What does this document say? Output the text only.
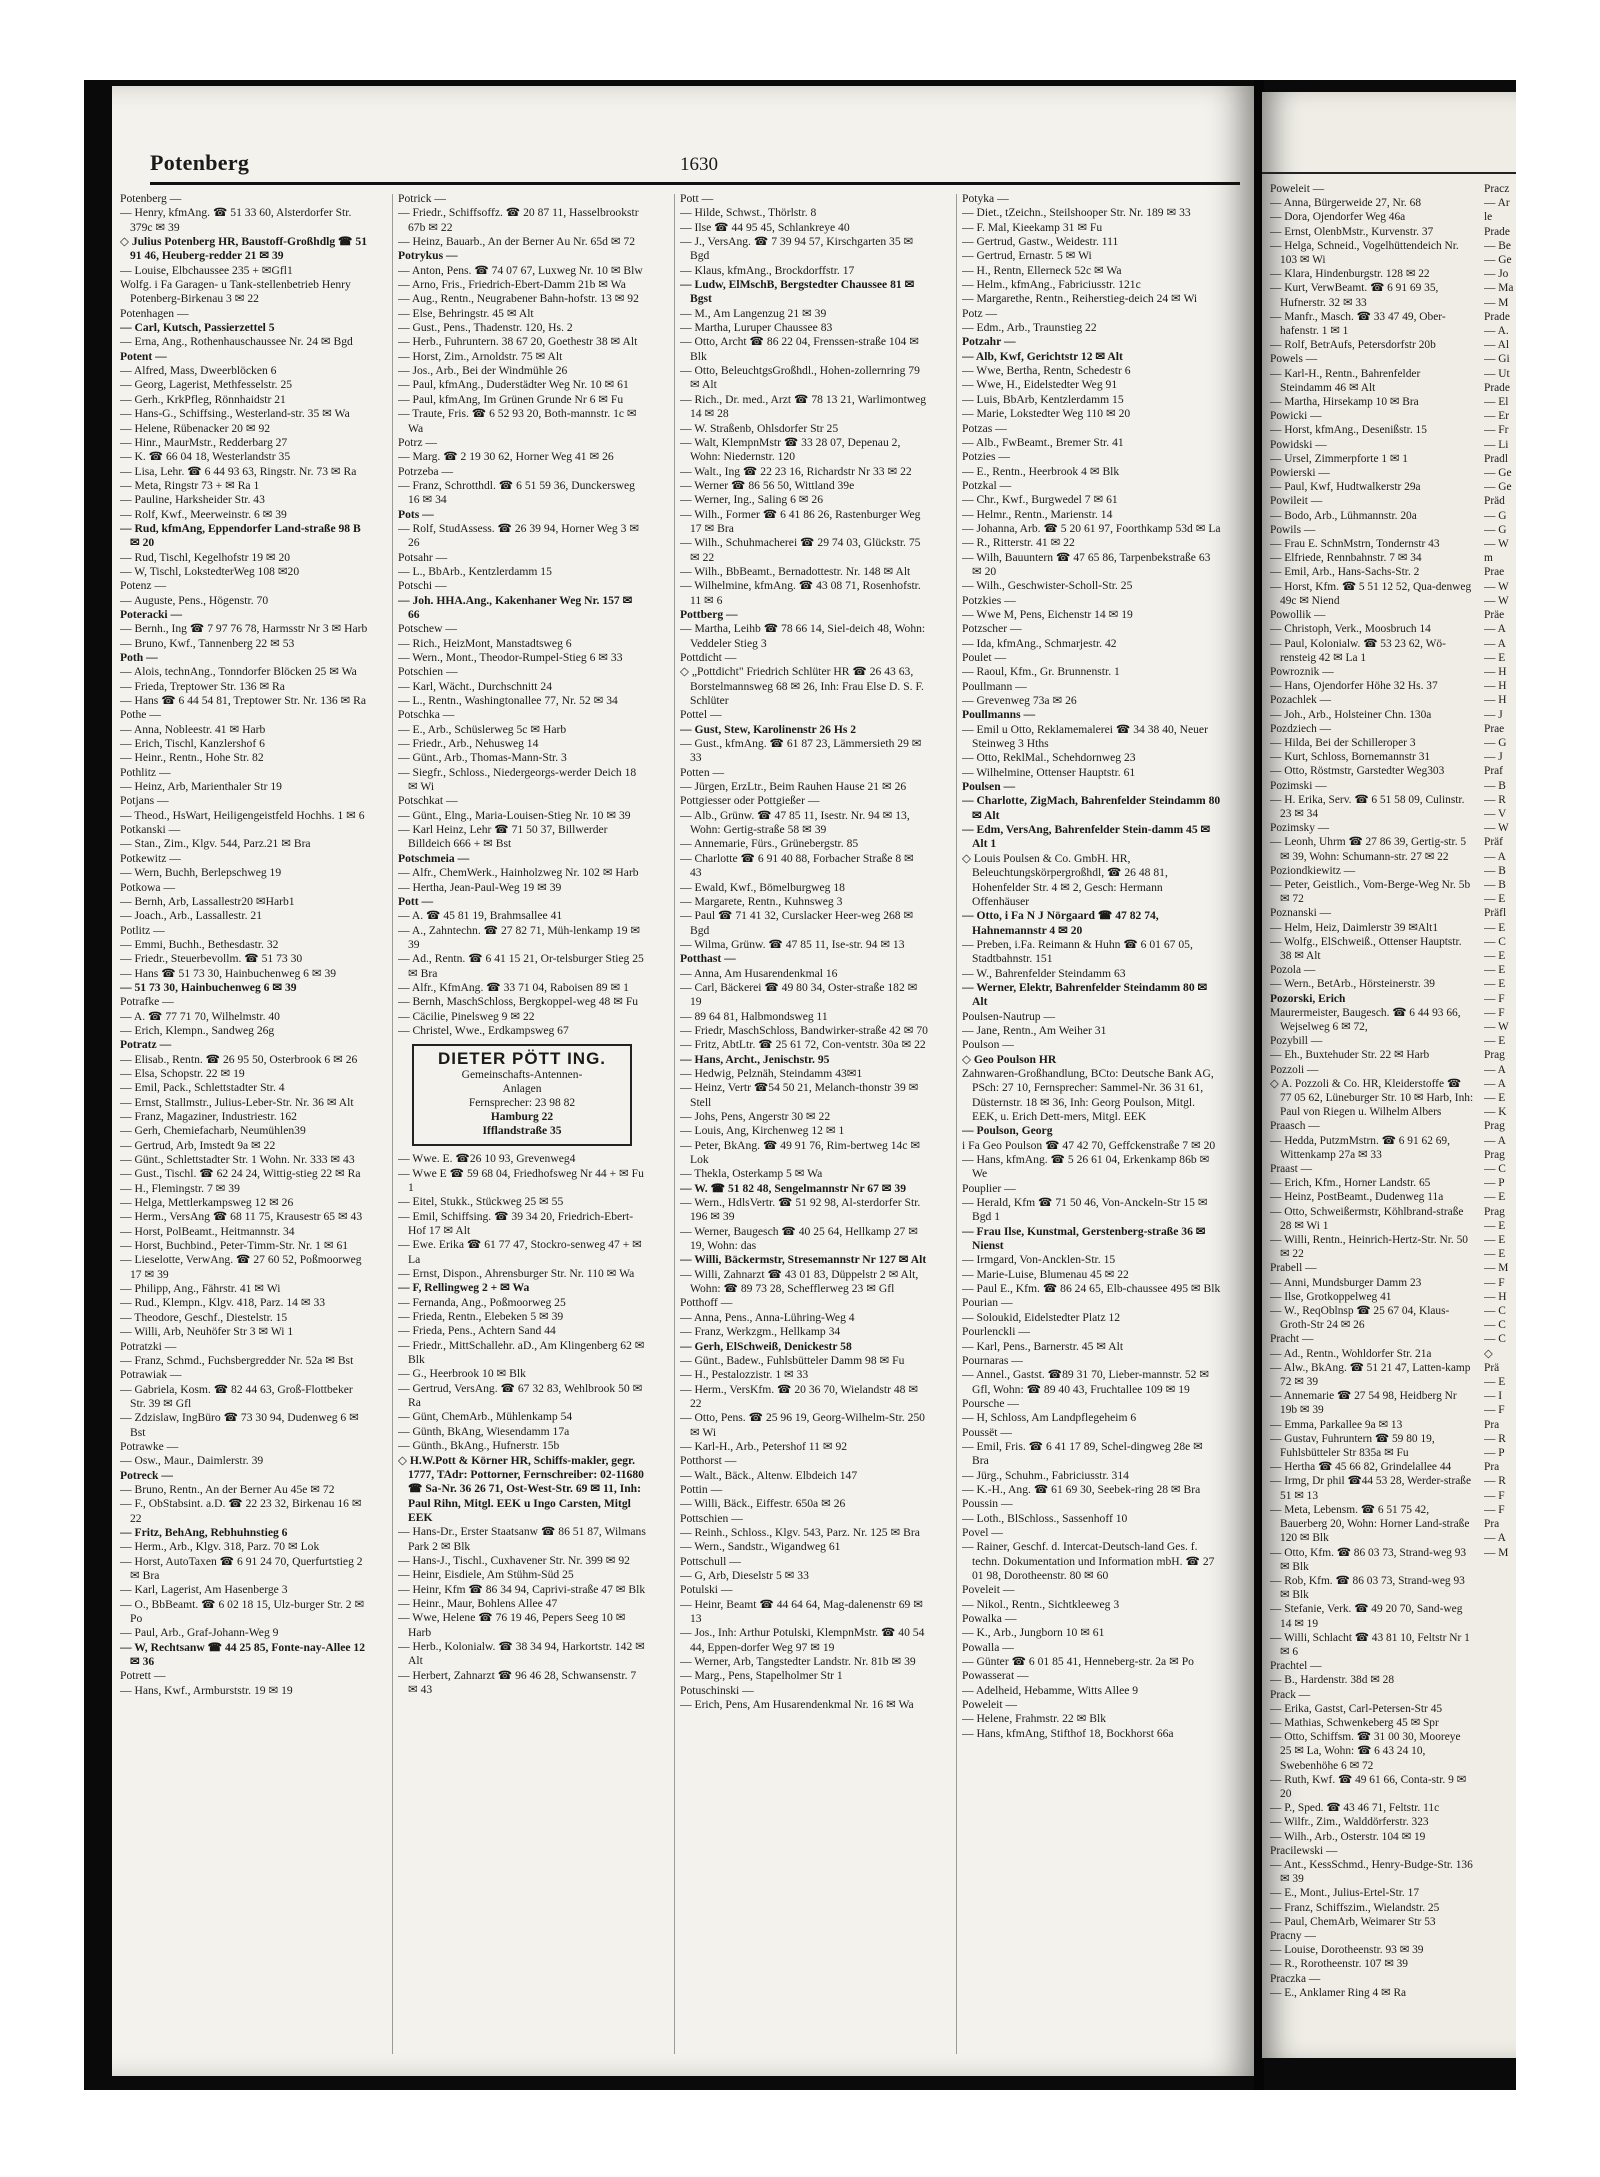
Potenberg	1630

Potenberg —

— Henry, kfmAng. ☎ 51 33 60, Alsterdorfer Str. 379c ✉ 39

◇ Julius Potenberg HR, Baustoff-Großhdlg ☎ 51 91 46, Heuberg-redder 21 ✉ 39

— Louise, Elbchaussee 235 + ✉Gfl1

Wolfg. i Fa Garagen- u Tank-stellenbetrieb Henry Potenberg-Birkenau 3 ✉ 22

Potenhagen —

— Carl, Kutsch, Passierzettel 5

— Erna, Ang., Rothenhauschaussee Nr. 24 ✉ Bgd

Potent —

— Alfred, Mass, Dweerblöcken 6

— Georg, Lagerist, Methfesselstr. 25

— Gerh., KrkPfleg, Rönnhaidstr 21

— Hans-G., Schiffsing., Westerland-str. 35 ✉ Wa

— Helene, Rübenacker 20 ✉ 92

— Hinr., MaurMstr., Redderbarg 27

— K. ☎ 66 04 18, Westerlandstr 35

— Lisa, Lehr. ☎ 6 44 93 63, Ringstr. Nr. 73 ✉ Ra

— Meta, Ringstr 73 + ✉ Ra 1

— Pauline, Harksheider Str. 43

— Rolf, Kwf., Meerweinstr. 6 ✉ 39

— Rud, kfmAng, Eppendorfer Land-straße 98 B ✉ 20

— Rud, Tischl, Kegelhofstr 19 ✉ 20

— W, Tischl, LokstedterWeg 108 ✉20

Potenz —

— Auguste, Pens., Högenstr. 70

Poteracki —

— Bernh., Ing ☎ 7 97 76 78, Harmsstr Nr 3 ✉ Harb

— Bruno, Kwf., Tannenberg 22 ✉ 53

Poth —

— Alois, technAng., Tonndorfer Blöcken 25 ✉ Wa

— Frieda, Treptower Str. 136 ✉ Ra

— Hans ☎ 6 44 54 81, Treptower Str. Nr. 136 ✉ Ra

Pothe —

— Anna, Nobleestr. 41 ✉ Harb

— Erich, Tischl, Kanzlershof 6

— Heinr., Rentn., Hohe Str. 82

Pothlitz —

— Heinz, Arb, Marienthaler Str 19

Potjans —

— Theod., HsWart, Heiligengeistfeld Hochhs. 1 ✉ 6

Potkanski —

— Stan., Zim., Klgv. 544, Parz.21 ✉ Bra

Potkewitz —

— Wern, Buchh, Berlepschweg 19

Potkowa —

— Bernh, Arb, Lassallestr20 ✉Harb1

— Joach., Arb., Lassallestr. 21

Potlitz —

— Emmi, Buchh., Bethesdastr. 32

— Friedr., Steuerbevollm. ☎ 51 73 30

— Hans ☎ 51 73 30, Hainbuchenweg 6 ✉ 39

— 51 73 30, Hainbuchenweg 6 ✉ 39

Potrafke —

— A. ☎ 77 71 70, Wilhelmstr. 40

— Erich, Klempn., Sandweg 26g

Potratz —

— Elisab., Rentn. ☎ 26 95 50, Osterbrook 6 ✉ 26

— Elsa, Schopstr. 22 ✉ 19

— Emil, Pack., Schlettstadter Str. 4

— Ernst, Stallmstr., Julius-Leber-Str. Nr. 36 ✉ Alt

— Franz, Magaziner, Industriestr. 162

— Gerh, Chemiefacharb, Neumühlen39

— Gertrud, Arb, Imstedt 9a ✉ 22

— Günt., Schlettstadter Str. 1 Wohn. Nr. 333 ✉ 43

— Gust., Tischl. ☎ 62 24 24, Wittig-stieg 22 ✉ Ra

— H., Flemingstr. 7 ✉ 39

— Helga, Mettlerkampsweg 12 ✉ 26

— Herm., VersAng ☎ 68 11 75, Krausestr 65 ✉ 43

— Horst, PolBeamt., Heitmannstr. 34

— Horst, Buchbind., Peter-Timm-Str. Nr. 1 ✉ 61

— Lieselotte, VerwAng. ☎ 27 60 52, Poßmoorweg 17 ✉ 39

— Philipp, Ang., Fährstr. 41 ✉ Wi

— Rud., Klempn., Klgv. 418, Parz. 14 ✉ 33

— Theodore, Geschf., Diestelstr. 15

— Willi, Arb, Neuhöfer Str 3 ✉ Wi 1

Potratzki —

— Franz, Schmd., Fuchsbergredder Nr. 52a ✉ Bst

Potrawiak —

— Gabriela, Kosm. ☎ 82 44 63, Groß-Flottbeker Str. 39 ✉ Gfl

— Zdzislaw, IngBüro ☎ 73 30 94, Dudenweg 6 ✉ Bst

Potrawke —

— Osw., Maur., Daimlerstr. 39

Potreck —

— Bruno, Rentn., An der Berner Au 45e ✉ 72

— F., ObStabsint. a.D. ☎ 22 23 32, Birkenau 16 ✉ 22

— Fritz, BehAng, Rebhuhnstieg 6

— Herm., Arb., Klgv. 318, Parz. 70 ✉ Lok

— Horst, AutoTaxen ☎ 6 91 24 70, Querfurtstieg 2 ✉ Bra

— Karl, Lagerist, Am Hasenberge 3

— O., BbBeamt. ☎ 6 02 18 15, Ulz-burger Str. 2 ✉ Po

— Paul, Arb., Graf-Johann-Weg 9

— W, Rechtsanw ☎ 44 25 85, Fonte-nay-Allee 12 ✉ 36

Potrett —

— Hans, Kwf., Armburststr. 19 ✉ 19

Potrick —

— Friedr., Schiffsoffz. ☎ 20 87 11, Hasselbrookstr 67b ✉ 22

— Heinz, Bauarb., An der Berner Au Nr. 65d ✉ 72

Potrykus —

— Anton, Pens. ☎ 74 07 67, Luxweg Nr. 10 ✉ Blw

— Arno, Fris., Friedrich-Ebert-Damm 21b ✉ Wa

— Aug., Rentn., Neugrabener Bahn-hofstr. 13 ✉ 92

— Else, Behringstr. 45 ✉ Alt

— Gust., Pens., Thadenstr. 120, Hs. 2

— Herb., Fuhruntern. 38 67 20, Goethestr 38 ✉ Alt

— Horst, Zim., Arnoldstr. 75 ✉ Alt

— Jos., Arb., Bei der Windmühle 26

— Paul, kfmAng., Duderstädter Weg Nr. 10 ✉ 61

— Paul, kfmAng, Im Grünen Grunde Nr 6 ✉ Fu

— Traute, Fris. ☎ 6 52 93 20, Both-mannstr. 1c ✉ Wa

Potrz —

— Marg. ☎ 2 19 30 62, Horner Weg 41 ✉ 26

Potrzeba —

— Franz, Schrotthdl. ☎ 6 51 59 36, Dunckersweg 16 ✉ 34

Pots —

— Rolf, StudAssess. ☎ 26 39 94, Horner Weg 3 ✉ 26

Potsahr —

— L., BbArb., Kentzlerdamm 15

Potschi —

— Joh. HHA.Ang., Kakenhaner Weg Nr. 157 ✉ 66

Potschew —

— Rich., HeizMont, Manstadtsweg 6

— Wern., Mont., Theodor-Rumpel-Stieg 6 ✉ 33

Potschien —

— Karl, Wächt., Durchschnitt 24

— L., Rentn., Washingtonallee 77, Nr. 52 ✉ 34

Potschka —

— E., Arb., Schüslerweg 5c ✉ Harb

— Friedr., Arb., Nehusweg 14

— Günt., Arb., Thomas-Mann-Str. 3

— Siegfr., Schloss., Niedergeorgs-werder Deich 18 ✉ Wi

Potschkat —

— Günt., Elng., Maria-Louisen-Stieg Nr. 10 ✉ 39

— Karl Heinz, Lehr ☎ 71 50 37, Billwerder Billdeich 666 + ✉ Bst

Potschmeia —

— Alfr., ChemWerk., Hainholzweg Nr. 102 ✉ Harb

— Hertha, Jean-Paul-Weg 19 ✉ 39

Pott —

— A. ☎ 45 81 19, Brahmsallee 41

— A., Zahntechn. ☎ 27 82 71, Müh-lenkamp 19 ✉ 39

— Ad., Rentn. ☎ 6 41 15 21, Or-telsburger Stieg 25 ✉ Bra

— Alfr., KfmAng. ☎ 33 71 04, Raboisen 89 ✉ 1

— Bernh, MaschSchloss, Bergkoppel-weg 48 ✉ Fu

— Cäcilie, Pinelsweg 9 ✉ 22

— Christel, Wwe., Erdkampsweg 67

DIETER PÖTT ING.
Gemeinschafts-Antennen-
Anlagen
Fernsprecher: 23 98 82

Hamburg 22
Ifflandstraße 35

— Wwe. E. ☎26 10 93, Grevenweg4

— Wwe E ☎ 59 68 04, Friedhofsweg Nr 44 + ✉ Fu 1

— Eitel, Stukk., Stückweg 25 ✉ 55

— Emil, Schiffsing. ☎ 39 34 20, Friedrich-Ebert-Hof 17 ✉ Alt

— Ewe. Erika ☎ 61 77 47, Stockro-senweg 47 + ✉ La

— Ernst, Dispon., Ahrensburger Str. Nr. 110 ✉ Wa

— F, Rellingweg 2 + ✉ Wa

— Fernanda, Ang., Poßmoorweg 25

— Frieda, Rentn., Elebeken 5 ✉ 39

— Frieda, Pens., Achtern Sand 44

— Friedr., MittSchallehr. aD., Am Klingenberg 62 ✉ Blk

— G., Heerbrook 10 ✉ Blk

— Gertrud, VersAng. ☎ 67 32 83, Wehlbrook 50 ✉ Ra

— Günt, ChemArb., Mühlenkamp 54

— Günth, BkAng, Wiesendamm 17a

— Günth., BkAng., Hufnerstr. 15b

◇ H.W.Pott & Körner HR, Schiffs-makler, gegr. 1777, TAdr: Pottorner, Fernschreiber: 02-11680 ☎ Sa-Nr. 36 26 71, Ost-West-Str. 69 ✉ 11, Inh: Paul Rihn, Mitgl. EEK u Ingo Carsten, Mitgl EEK

— Hans-Dr., Erster Staatsanw ☎ 86 51 87, Wilmans Park 2 ✉ Blk

— Hans-J., Tischl., Cuxhavener Str. Nr. 399 ✉ 92

— Heinr, Eisdiele, Am Stühm-Süd 25

— Heinr, Kfm ☎ 86 34 94, Caprivi-straße 47 ✉ Blk

— Heinr., Maur, Bohlens Allee 47

— Wwe, Helene ☎ 76 19 46, Pepers Seeg 10 ✉ Harb

— Herb., Kolonialw. ☎ 38 34 94, Harkortstr. 142 ✉ Alt

— Herbert, Zahnarzt ☎ 96 46 28, Schwansenstr. 7 ✉ 43

Pott —

— Hilde, Schwst., Thörlstr. 8

— Ilse ☎ 44 95 45, Schlankreye 40

— J., VersAng. ☎ 7 39 94 57, Kirschgarten 35 ✉ Bgd

— Klaus, kfmAng., Brockdorffstr. 17

— Ludw, ElMschB, Bergstedter Chaussee 81 ✉ Bgst

— M., Am Langenzug 21 ✉ 39

— Martha, Luruper Chaussee 83

— Otto, Archt ☎ 86 22 04, Frenssen-straße 104 ✉ Blk

— Otto, BeleuchtgsGroßhdl., Hohen-zollernring 79 ✉ Alt

— Rich., Dr. med., Arzt ☎ 78 13 21, Warlimontweg 14 ✉ 28

— W. Straßenb, Ohlsdorfer Str 25

— Walt, KlempnMstr ☎ 33 28 07, Depenau 2, Wohn: Niedernstr. 120

— Walt., Ing ☎ 22 23 16, Richardstr Nr 33 ✉ 22

— Werner ☎ 86 56 50, Wittland 39e

— Werner, Ing., Saling 6 ✉ 26

— Wilh., Former ☎ 6 41 86 26, Rastenburger Weg 17 ✉ Bra

— Wilh., Schuhmacherei ☎ 29 74 03, Glückstr. 75 ✉ 22

— Wilh., BbBeamt., Bernadottestr. Nr. 148 ✉ Alt

— Wilhelmine, kfmAng. ☎ 43 08 71, Rosenhofstr. 11 ✉ 6

Pottberg —

— Martha, Leihb ☎ 78 66 14, Siel-deich 48, Wohn: Veddeler Stieg 3

Pottdicht —

◇ „Pottdicht" Friedrich Schlüter HR ☎ 26 43 63, Borstelmannsweg 68 ✉ 26, Inh: Frau Else D. S. F. Schlüter

Pottel —

— Gust, Stew, Karolinenstr 26 Hs 2

— Gust., kfmAng. ☎ 61 87 23, Lämmersieth 29 ✉ 33

Potten —

— Jürgen, ErzLtr., Beim Rauhen Hause 21 ✉ 26

Pottgiesser oder Pottgießer —

— Alb., Grünw. ☎ 47 85 11, Isestr. Nr. 94 ✉ 13, Wohn: Gertig-straße 58 ✉ 39

— Annemarie, Fürs., Grünebergstr. 85

— Charlotte ☎ 6 91 40 88, Forbacher Straße 8 ✉ 43

— Ewald, Kwf., Bömelburgweg 18

— Margarete, Rentn., Kuhnsweg 3

— Paul ☎ 71 41 32, Curslacker Heer-weg 268 ✉ Bgd

— Wilma, Grünw. ☎ 47 85 11, Ise-str. 94 ✉ 13

Potthast —

— Anna, Am Husarendenkmal 16

— Carl, Bäckerei ☎ 49 80 34, Oster-straße 182 ✉ 19

— 89 64 81, Halbmondsweg 11

— Friedr, MaschSchloss, Bandwirker-straße 42 ✉ 70

— Fritz, AbtLtr. ☎ 25 61 72, Con-ventstr. 30a ✉ 22

— Hans, Archt., Jenischstr. 95

— Hedwig, Pelznäh, Steindamm 43✉1

— Heinz, Vertr ☎54 50 21, Melanch-thonstr 39 ✉ Stell

— Johs, Pens, Angerstr 30 ✉ 22

— Louis, Ang, Kirchenweg 12 ✉ 1

— Peter, BkAng. ☎ 49 91 76, Rim-bertweg 14c ✉ Lok

— Thekla, Osterkamp 5 ✉ Wa

— W. ☎ 51 82 48, Sengelmannstr Nr 67 ✉ 39

— Wern., HdlsVertr. ☎ 51 92 98, Al-sterdorfer Str. 196 ✉ 39

— Werner, Baugesch ☎ 40 25 64, Hellkamp 27 ✉ 19, Wohn: das

— Willi, Bäckermstr, Stresemannstr Nr 127 ✉ Alt

— Willi, Zahnarzt ☎ 43 01 83, Düppelstr 2 ✉ Alt, Wohn: ☎ 89 73 28, Schefflerweg 23 ✉ Gfl

Potthoff —

— Anna, Pens., Anna-Lühring-Weg 4

— Franz, Werkzgm., Hellkamp 34

— Gerh, ElSchweiß, Denickestr 58

— Günt., Badew., Fuhlsbütteler Damm 98 ✉ Fu

— H., Pestalozzistr. 1 ✉ 33

— Herm., VersKfm. ☎ 20 36 70, Wielandstr 48 ✉ 22

— Otto, Pens. ☎ 25 96 19, Georg-Wilhelm-Str. 250 ✉ Wi

— Karl-H., Arb., Petershof 11 ✉ 92

Potthorst —

— Walt., Bäck., Altenw. Elbdeich 147

Pottin —

— Willi, Bäck., Eiffestr. 650a ✉ 26

Pottschien —

— Reinh., Schloss., Klgv. 543, Parz. Nr. 125 ✉ Bra

— Wern., Sandstr., Wigandweg 61

Pottschull —

— G, Arb, Dieselstr 5 ✉ 33

Potulski —

— Heinr, Beamt ☎ 44 64 64, Mag-dalenenstr 69 ✉ 13

— Jos., Inh: Arthur Potulski, KlempnMstr. ☎ 40 54 44, Eppen-dorfer Weg 97 ✉ 19

— Werner, Arb, Tangstedter Landstr. Nr. 81b ✉ 39

— Marg., Pens, Stapelholmer Str 1

Potuschinski —

— Erich, Pens, Am Husarendenkmal Nr. 16 ✉ Wa

Potyka —

— Diet., tZeichn., Steilshooper Str. Nr. 189 ✉ 33

— F. Mal, Kieekamp 31 ✉ Fu

— Gertrud, Gastw., Weidestr. 111

— Gertrud, Ernastr. 5 ✉ Wi

— H., Rentn, Ellerneck 52c ✉ Wa

— Helm., kfmAng., Fabriciusstr. 121c

— Margarethe, Rentn., Reiherstieg-deich 24 ✉ Wi

Potz —

— Edm., Arb., Traunstieg 22

Potzahr —

— Alb, Kwf, Gerichtstr 12 ✉ Alt

— Wwe, Bertha, Rentn, Schedestr 6

— Wwe, H., Eidelstedter Weg 91

— Luis, BbArb, Kentzlerdamm 15

— Marie, Lokstedter Weg 110 ✉ 20

Potzas —

— Alb., FwBeamt., Bremer Str. 41

Potzies —

— E., Rentn., Heerbrook 4 ✉ Blk

Potzkal —

— Chr., Kwf., Burgwedel 7 ✉ 61

— Helmr., Rentn., Marienstr. 14

— Johanna, Arb. ☎ 5 20 61 97, Foorthkamp 53d ✉ La

— R., Ritterstr. 41 ✉ 22

— Wilh, Bauuntern ☎ 47 65 86, Tarpenbekstraße 63 ✉ 20

— Wilh., Geschwister-Scholl-Str. 25

Potzkies —

— Wwe M, Pens, Eichenstr 14 ✉ 19

Potzscher —

— Ida, kfmAng., Schmarjestr. 42

Poulet —

— Raoul, Kfm., Gr. Brunnenstr. 1

Poullmann —

— Grevenweg 73a ✉ 26

Poullmanns —

— Emil u Otto, Reklamemalerei ☎ 34 38 40, Neuer Steinweg 3 Hths

— Otto, ReklMal., Schehdornweg 23

— Wilhelmine, Ottenser Hauptstr. 61

Poulsen —

— Charlotte, ZigMach, Bahrenfelder Steindamm 80 ✉ Alt

— Edm, VersAng, Bahrenfelder Stein-damm 45 ✉ Alt 1

◇ Louis Poulsen & Co. GmbH. HR, Beleuchtungskörpergroßhdl, ☎ 26 48 81, Hohenfelder Str. 4 ✉ 2, Gesch: Hermann Offenhäuser

— Otto, i Fa N J Nörgaard ☎ 47 82 74, Hahnemannstr 4 ✉ 20

— Preben, i.Fa. Reimann & Huhn ☎ 6 01 67 05, Stadtbahnstr. 151

— W., Bahrenfelder Steindamm 63

— Werner, Elektr, Bahrenfelder Steindamm 80 ✉ Alt

Poulsen-Nautrup —

— Jane, Rentn., Am Weiher 31

Poulson —

◇ Geo Poulson HR

Zahnwaren-Großhandlung, BCto: Deutsche Bank AG, PSch: 27 10, Fernsprecher: Sammel-Nr. 36 31 61, Düsternstr. 18 ✉ 36, Inh: Georg Poulson, Mitgl. EEK, u. Erich Dett-mers, Mitgl. EEK

— Poulson, Georg

i Fa Geo Poulson ☎ 47 42 70, Geffckenstraße 7 ✉ 20

— Hans, kfmAng. ☎ 5 26 61 04, Erkenkamp 86b ✉ We

Pouplier —

— Herald, Kfm ☎ 71 50 46, Von-Anckeln-Str 15 ✉ Bgd 1

— Frau Ilse, Kunstmal, Gerstenberg-straße 36 ✉ Nienst

— Irmgard, Von-Ancklen-Str. 15

— Marie-Luise, Blumenau 45 ✉ 22

— Paul E., Kfm. ☎ 86 24 65, Elb-chaussee 495 ✉ Blk

Pourian —

— Soloukid, Eidelstedter Platz 12

Pourlenckli —

— Karl, Pens., Barnerstr. 45 ✉ Alt

Pournaras —

— Annel., Gastst. ☎89 31 70, Lieber-mannstr. 52 ✉ Gfl, Wohn: ☎ 89 40 43, Fruchtallee 109 ✉ 19

Poursche —

— H, Schloss, Am Landpflegeheim 6

Poussët —

— Emil, Fris. ☎ 6 41 17 89, Schel-dingweg 28e ✉ Bra

— Jürg., Schuhm., Fabriciusstr. 314

— K.-H., Ang. ☎ 61 69 30, Seebek-ring 28 ✉ Bra

Poussin —

— Loth., BlSchloss., Sassenhoff 10

Povel —

— Rainer, Geschf. d. Intercat-Deutsch-land Ges. f. techn. Dokumentation und Information mbH. ☎ 27 01 98, Dorotheenstr. 80 ✉ 60

Poveleit —

— Nikol., Rentn., Sichtkleeweg 3

Powalka —

— K., Arb., Jungborn 10 ✉ 61

Powalla —

— Günter ☎ 6 01 85 41, Henneberg-str. 2a ✉ Po

Powasserat —

— Adelheid, Hebamme, Witts Allee 9

Poweleit —

— Helene, Frahmstr. 22 ✉ Blk

— Hans, kfmAng, Stifthof 18, Bockhorst 66a

Poweleit —

— Anna, Bürgerweide 27, Nr. 68

— Dora, Ojendorfer Weg 46a

— Ernst, OlenbMstr., Kurvenstr. 37

— Helga, Schneid., Vogelhüttendeich Nr. 103 ✉ Wi

— Klara, Hindenburgstr. 128 ✉ 22

— Kurt, VerwBeamt. ☎ 6 91 69 35, Hufnerstr. 32 ✉ 33

— Manfr., Masch. ☎ 33 47 49, Ober-hafenstr. 1 ✉ 1

— Rolf, BetrAufs, Petersdorfstr 20b

Powels —

— Karl-H., Rentn., Bahrenfelder Steindamm 46 ✉ Alt

— Martha, Hirsekamp 10 ✉ Bra

Powicki —

— Horst, kfmAng., Desenißstr. 15

Powidski —

— Ursel, Zimmerpforte 1 ✉ 1

Powierski —

— Paul, Kwf, Hudtwalkerstr 29a

Powileit —

— Bodo, Arb., Lühmannstr. 20a

Powils —

— Frau E. SchnMstrn, Tondernstr 43

— Elfriede, Rennbahnstr. 7 ✉ 34

— Emil, Arb., Hans-Sachs-Str. 2

— Horst, Kfm. ☎ 5 51 12 52, Qua-denweg 49c ✉ Niend

Powollik —

— Christoph, Verk., Moosbruch 14

— Paul, Kolonialw. ☎ 53 23 62, Wö-rensteig 42 ✉ La 1

Powroznik —

— Hans, Ojendorfer Höhe 32 Hs. 37

Pozachlek —

— Joh., Arb., Holsteiner Chn. 130a

Pozdziech —

— Hilda, Bei der Schilleroper 3

— Kurt, Schloss, Bornemannstr 31

— Otto, Röstmstr, Garstedter Weg303

Pozimski —

— H. Erika, Serv. ☎ 6 51 58 09, Culinstr. 23 ✉ 34

Pozimsky —

— Leonh, Uhrm ☎ 27 86 39, Gertig-str. 5 ✉ 39, Wohn: Schumann-str. 27 ✉ 22

Poziondkiewitz —

— Peter, Geistlich., Vom-Berge-Weg Nr. 5b ✉ 72

Poznanski —

— Helm, Heiz, Daimlerstr 39 ✉Alt1

— Wolfg., ElSchweiß., Ottenser Hauptstr. 38 ✉ Alt

Pozola —

— Wern., BetArb., Hörsteinerstr. 39

Pozorski, Erich

Maurermeister, Baugesch. ☎ 6 44 93 66, Wejselweg 6 ✉ 72,

Pozybill —

— Eh., Buxtehuder Str. 22 ✉ Harb

Pozzoli —

◇ A. Pozzoli & Co. HR, Kleiderstoffe ☎ 77 05 62, Lüneburger Str. 10 ✉ Harb, Inh: Paul von Riegen u. Wilhelm Albers

Praasch —

— Hedda, PutzmMstrn. ☎ 6 91 62 69, Wittenkamp 27a ✉ 33

Praast —

— Erich, Kfm., Horner Landstr. 65

— Heinz, PostBeamt., Dudenweg 11a

— Otto, Schweißermstr, Köhlbrand-straße 28 ✉ Wi 1

— Willi, Rentn., Heinrich-Hertz-Str. Nr. 50 ✉ 22

Prabell —

— Anni, Mundsburger Damm 23

— Ilse, Grotkoppelweg 41

— W., ReqOblnsp ☎ 25 67 04, Klaus-Groth-Str 24 ✉ 26

Pracht —

— Ad., Rentn., Wohldorfer Str. 21a

— Alw., BkAng. ☎ 51 21 47, Latten-kamp 72 ✉ 39

— Annemarie ☎ 27 54 98, Heidberg Nr 19b ✉ 39

— Emma, Parkallee 9a ✉ 13

— Gustav, Fuhruntern ☎ 59 80 19, Fuhlsbütteler Str 835a ✉ Fu

— Hertha ☎ 45 66 82, Grindelallee 44

— Irmg, Dr phil ☎44 53 28, Werder-straße 51 ✉ 13

— Meta, Lebensm. ☎ 6 51 75 42, Bauerberg 20, Wohn: Horner Land-straße 120 ✉ Blk

— Otto, Kfm. ☎ 86 03 73, Strand-weg 93 ✉ Blk

— Rob, Kfm. ☎ 86 03 73, Strand-weg 93 ✉ Blk

— Stefanie, Verk. ☎ 49 20 70, Sand-weg 14 ✉ 19

— Willi, Schlacht ☎ 43 81 10, Feltstr Nr 1 ✉ 6

Prachtel —

— B., Hardenstr. 38d ✉ 28

Prack —

— Erika, Gastst, Carl-Petersen-Str 45

— Mathias, Schwenkeberg 45 ✉ Spr

— Otto, Schiffsm. ☎ 31 00 30, Mooreye 25 ✉ La, Wohn: ☎ 6 43 24 10, Swebenhöhe 6 ✉ 72

— Ruth, Kwf. ☎ 49 61 66, Conta-str. 9 ✉ 20

— P., Sped. ☎ 43 46 71, Feltstr. 11c

— Wilfr., Zim., Walddörferstr. 323

— Wilh., Arb., Osterstr. 104 ✉ 19

Pracilewski —

— Ant., KessSchmd., Henry-Budge-Str. 136 ✉ 39

— E., Mont., Julius-Ertel-Str. 17

— Franz, Schiffszim., Wielandstr. 25

— Paul, ChemArb, Weimarer Str 53

Pracny —

— Louise, Dorotheenstr. 93 ✉ 39

— R., Rorotheenstr. 107 ✉ 39

Praczka —

— E., Anklamer Ring 4 ✉ Ra

Pracz

— Ar

le

Prade

— Be

— Ge

— Jo

— Ma

— M

Prade

— A.

— Al

— Gi

— Ut

Prade

— El

— Er

— Fr

— Li

Pradl

— Ge

— Ge

Präd

— G

— G

— W

m

Prae

— W

— W

Präe

— A

— A

— E

— H

— H

— H

— J

Prae

— G

— J

Praf

— B

— R

— V

— W

Präf

— A

— B

— B

— E

Präfl

— E

— C

— E

— E

— E

— F

— F

— W

— E

Prag

— A

— A

— E

— K

Prag

— A

Prag

— C

— P

— E

Prag

— E

— E

— E

— M

— F

— H

— C

— C

— C

◇

Prä

— E

— I

— F

Pra

— R

— P

Pra

— R

— F

— F

Pra

— A

— M
